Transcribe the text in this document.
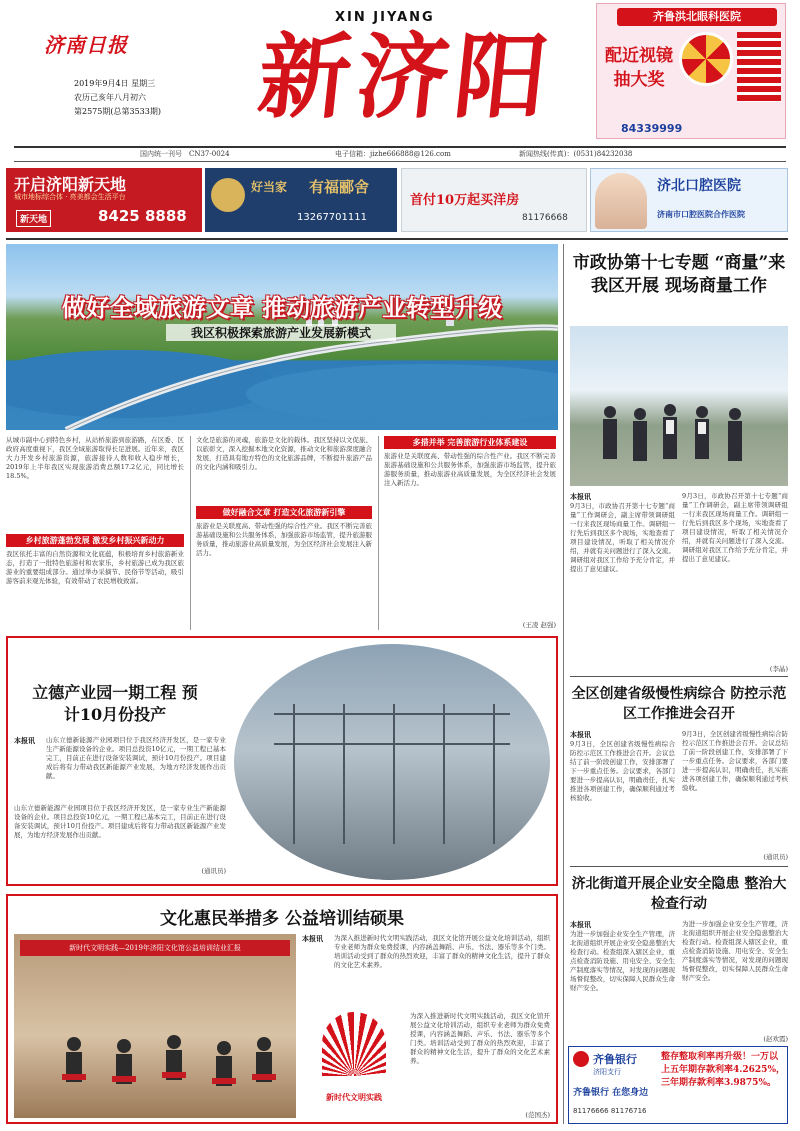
济南日报
2019年9月4日 星期三
农历己亥年八月初六
第2575期(总第3533期)
XIN JIYANG
新济阳
齐鲁洪北眼科医院
配近视镜 抽大奖
84339999
国内统一刊号　CN37-0024	电子信箱：jizhe666888@126.com	新闻热线(传真)：(0531)84232038
开启济阳新天地
城市地标综合体 · 亮美都会生活平台
新天地	8425 8888
好当家 有福郦舍
13267701111
首付10万起买洋房
81176668
济北口腔医院
济南市口腔医院合作医院
做好全域旅游文章 推动旅游产业转型升级
我区积极探索旅游产业发展新模式
从城市副中心到特色乡村，从站桥旅游到旅游路，在区委、区政府高度重视下，我区全域旅游取得长足进展。近年来，我区大力开发乡村旅游资源，旅游接待人数和收入稳步增长，2019年上半年我区实现旅游消费总额17.2亿元，同比增长18.5%。
乡村旅游蓬勃发展 激发乡村振兴新动力
我区依托丰富的自然资源和文化底蕴，积极培育乡村旅游新业态，打造了一批特色旅游村和农家乐，乡村旅游已成为我区旅游业的重要组成部分。通过举办采摘节、民俗节等活动，吸引游客前来观光体验，有效带动了农民增收致富。
文化是旅游的灵魂，旅游是文化的载体。我区坚持以文促旅、以旅彰文，深入挖掘本地文化资源，推动文化和旅游深度融合发展，打造具有地方特色的文化旅游品牌，不断提升旅游产品的文化内涵和吸引力。
做好融合文章 打造文化旅游新引擎
旅游业是关联度高、带动性强的综合性产业。我区不断完善旅游基础设施和公共服务体系，加强旅游市场监管，提升旅游服务质量，推动旅游业高质量发展，为全区经济社会发展注入新活力。
多措并举 完善旅游行业体系建设
旅游业是关联度高、带动性强的综合性产业。我区不断完善旅游基础设施和公共服务体系，加强旅游市场监管，提升旅游服务质量，推动旅游业高质量发展，为全区经济社会发展注入新活力。
(王凌 赵强)
立德产业园一期工程 预计10月份投产
本报讯 山东立德新能源产业园项目位于我区经济开发区，是一家专业生产新能源设备的企业。项目总投资10亿元，一期工程已基本完工，目前正在进行设备安装调试，预计10月份投产。项目建成后将有力带动我区新能源产业发展，为地方经济发展作出贡献。
山东立德新能源产业园项目位于我区经济开发区，是一家专业生产新能源设备的企业。项目总投资10亿元，一期工程已基本完工，目前正在进行设备安装调试，预计10月份投产。项目建成后将有力带动我区新能源产业发展，为地方经济发展作出贡献。
(通讯员)
文化惠民举措多 公益培训结硕果
新时代文明实践—2019年济阳文化馆公益培训结业汇报
本报讯 为深入推进新时代文明实践活动，我区文化馆开展公益文化培训活动，组织专业老师为群众免费授课，内容涵盖舞蹈、声乐、书法、器乐等多个门类。培训活动受到了群众的热烈欢迎，丰富了群众的精神文化生活，提升了群众的文化艺术素养。
新时代文明实践
为深入推进新时代文明实践活动，我区文化馆开展公益文化培训活动，组织专业老师为群众免费授课，内容涵盖舞蹈、声乐、书法、器乐等多个门类。培训活动受到了群众的热烈欢迎，丰富了群众的精神文化生活，提升了群众的文化艺术素养。
(范国杰)
市政协第十七专题 “商量”来我区开展 现场商量工作
本报讯
9月3日，市政协召开第十七专题“商量”工作调研会，副主席带领调研组一行来我区现场商量工作。调研组一行先后到我区多个现场，实地查看了项目建设情况，听取了相关情况介绍，并就有关问题进行了深入交流。调研组对我区工作给予充分肯定，并提出了意见建议。
9月3日，市政协召开第十七专题“商量”工作调研会，副主席带领调研组一行来我区现场商量工作。调研组一行先后到我区多个现场，实地查看了项目建设情况，听取了相关情况介绍，并就有关问题进行了深入交流。调研组对我区工作给予充分肯定，并提出了意见建议。
(李晶)
全区创建省级慢性病综合 防控示范区工作推进会召开
本报讯
9月3日，全区创建省级慢性病综合防控示范区工作推进会召开。会议总结了前一阶段创建工作，安排部署了下一步重点任务。会议要求，各部门要进一步提高认识，明确责任，扎实推进各项创建工作，确保顺利通过考核验收。
9月3日，全区创建省级慢性病综合防控示范区工作推进会召开。会议总结了前一阶段创建工作，安排部署了下一步重点任务。会议要求，各部门要进一步提高认识，明确责任，扎实推进各项创建工作，确保顺利通过考核验收。
(通讯员)
济北街道开展企业安全隐患 整治大检查行动
本报讯
为进一步加强企业安全生产管理，济北街道组织开展企业安全隐患整治大检查行动。检查组深入辖区企业，重点检查消防设施、用电安全、安全生产制度落实等情况，对发现的问题现场督促整改，切实保障人民群众生命财产安全。
为进一步加强企业安全生产管理，济北街道组织开展企业安全隐患整治大检查行动。检查组深入辖区企业，重点检查消防设施、用电安全、安全生产制度落实等情况，对发现的问题现场督促整改，切实保障人民群众生命财产安全。
(赵欢霞)
齐鲁银行
济阳支行
齐鲁银行 在您身边
81176666 81176716
整存整取利率再升级！一万以上五年期存款利率4.2625%，三年期存款利率3.9875%。
